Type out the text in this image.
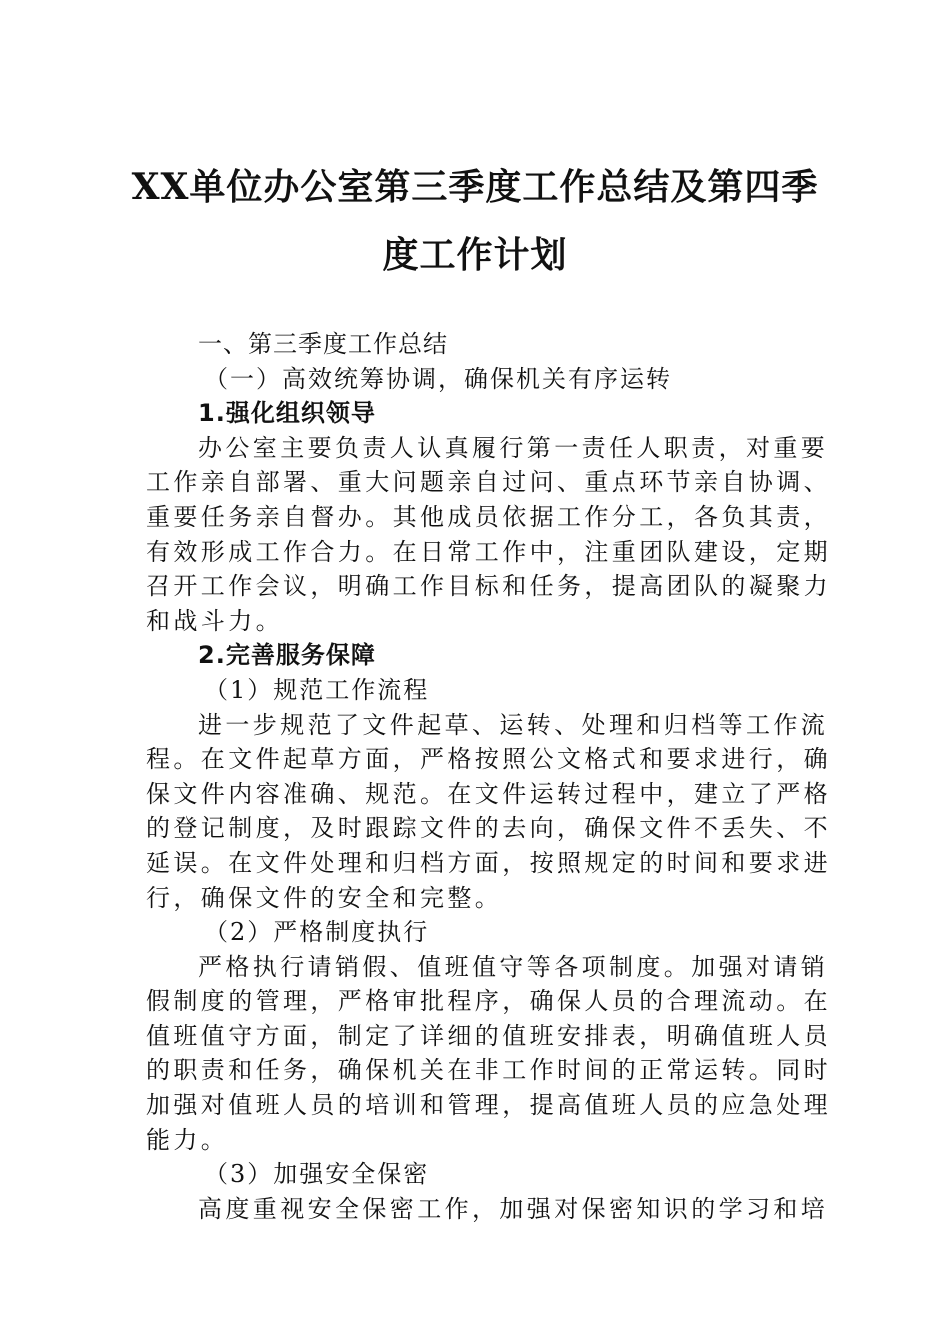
XX单位办公室第三季度工作总结及第四季
度工作计划
一、第三季度工作总结
（一）高效统筹协调，确保机关有序运转
1.强化组织领导
办公室主要负责人认真履行第一责任人职责，对重要
工作亲自部署、重大问题亲自过问、重点环节亲自协调、
重要任务亲自督办。其他成员依据工作分工，各负其责，
有效形成工作合力。在日常工作中，注重团队建设，定期
召开工作会议，明确工作目标和任务，提高团队的凝聚力
和战斗力。
2.完善服务保障
（1）规范工作流程
进一步规范了文件起草、运转、处理和归档等工作流
程。在文件起草方面，严格按照公文格式和要求进行，确
保文件内容准确、规范。在文件运转过程中，建立了严格
的登记制度，及时跟踪文件的去向，确保文件不丢失、不
延误。在文件处理和归档方面，按照规定的时间和要求进
行，确保文件的安全和完整。
（2）严格制度执行
严格执行请销假、值班值守等各项制度。加强对请销
假制度的管理，严格审批程序，确保人员的合理流动。在
值班值守方面，制定了详细的值班安排表，明确值班人员
的职责和任务，确保机关在非工作时间的正常运转。同时
加强对值班人员的培训和管理，提高值班人员的应急处理
能力。
（3）加强安全保密
高度重视安全保密工作，加强对保密知识的学习和培
